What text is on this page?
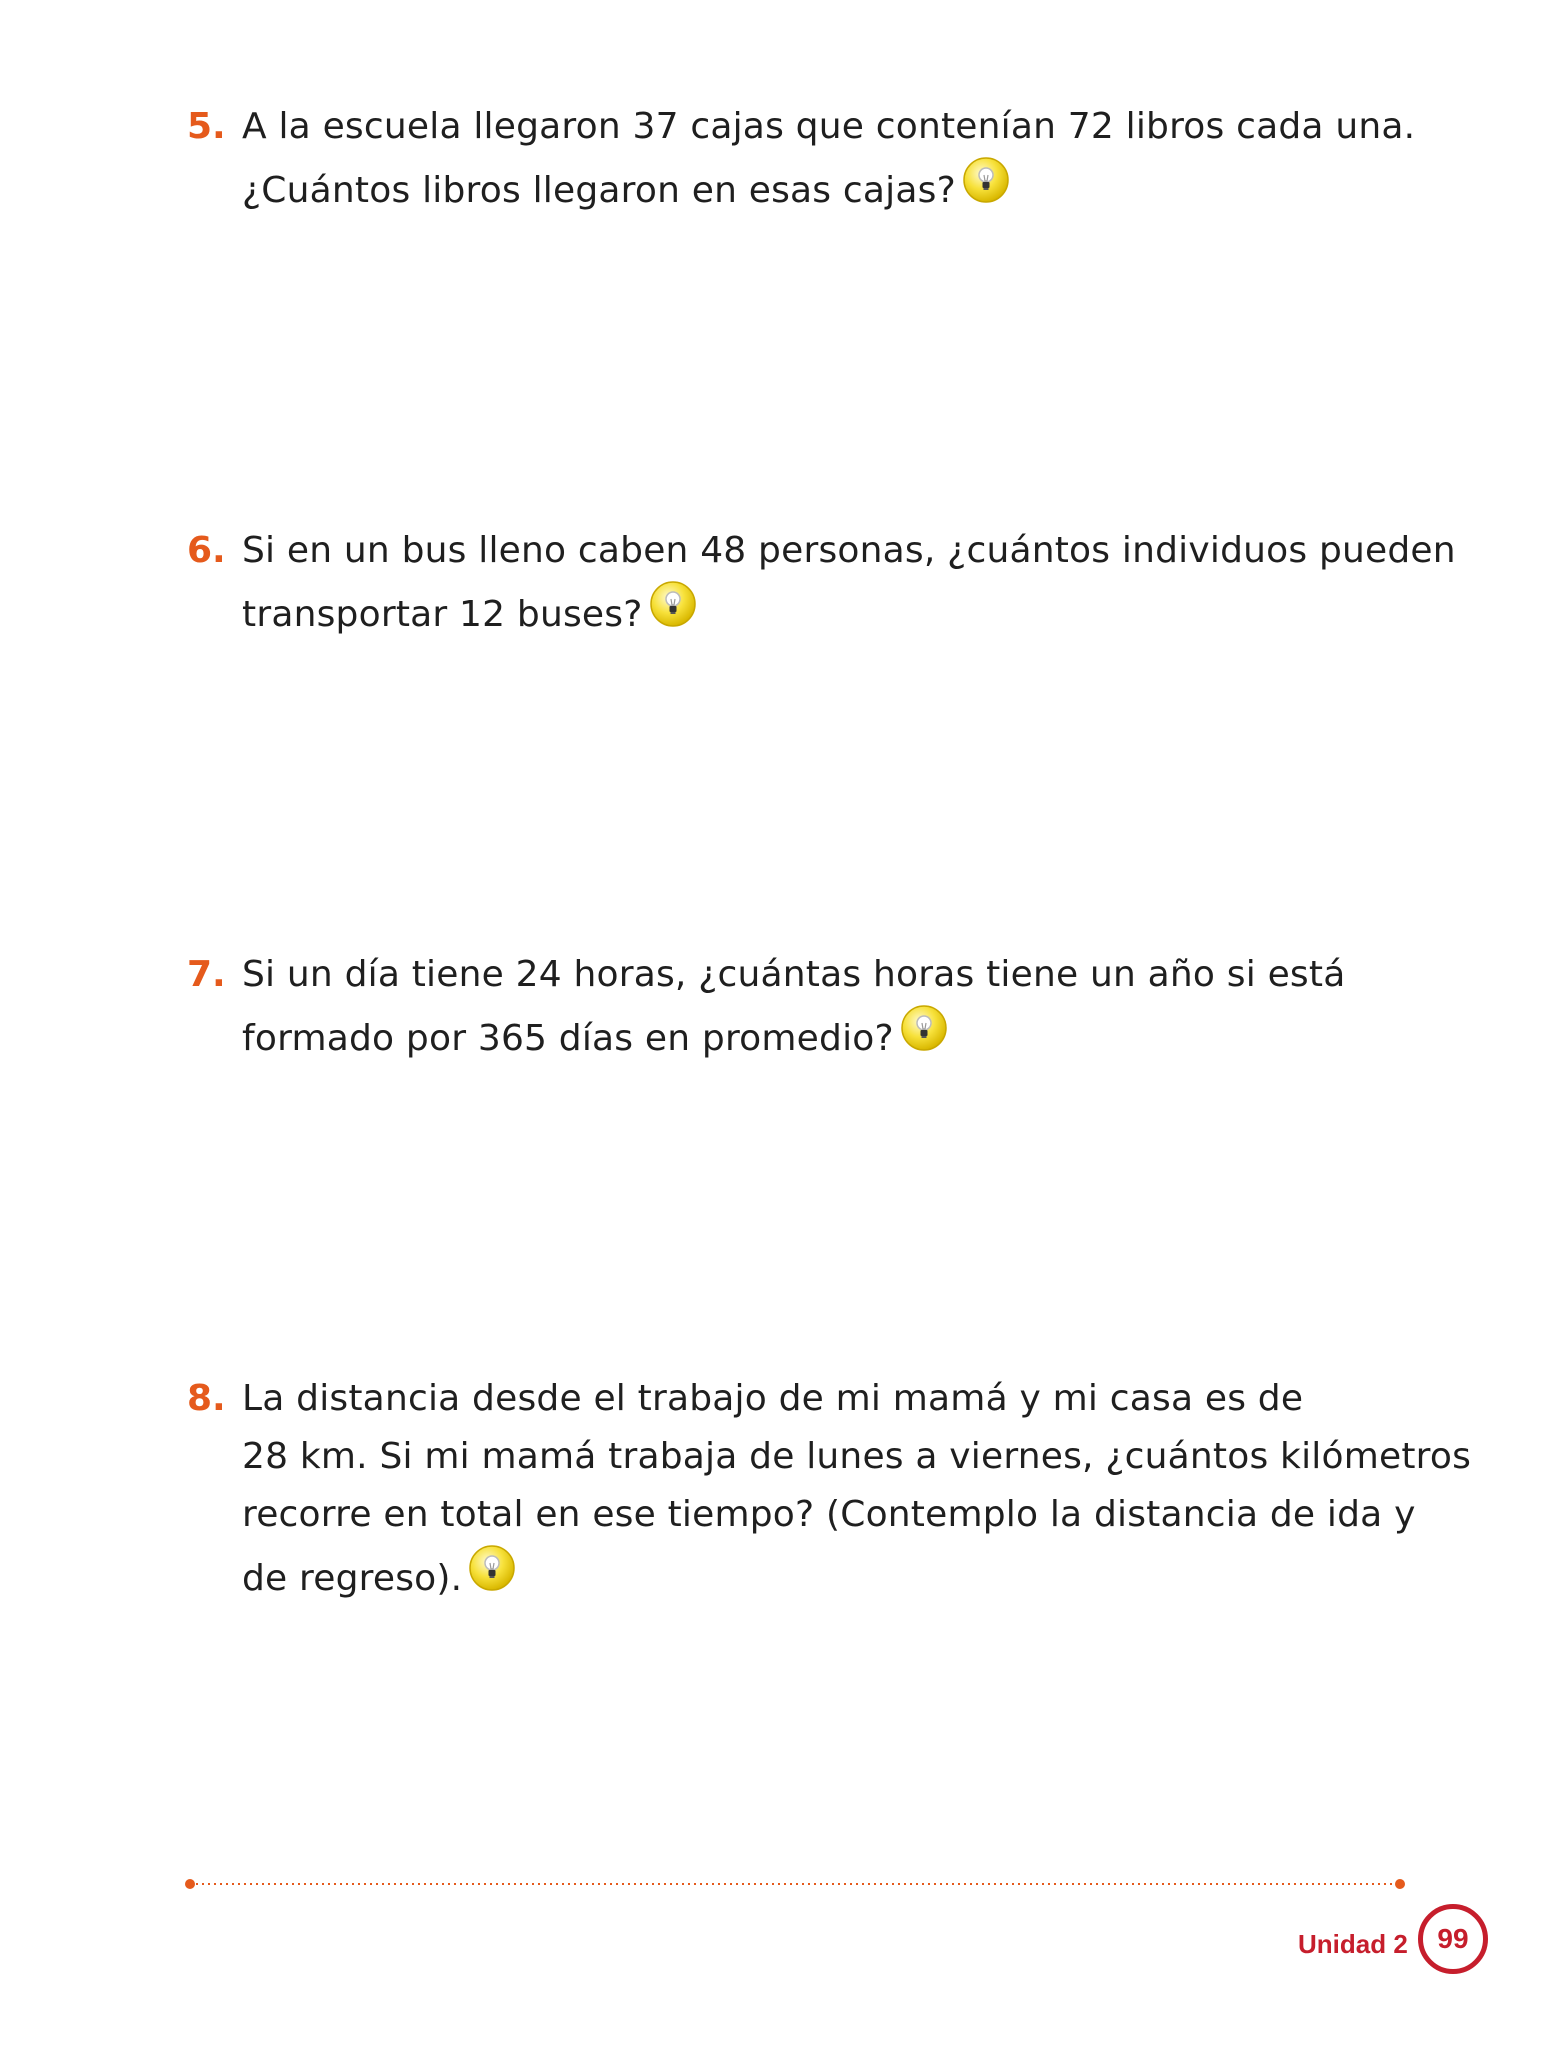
5. A la escuela llegaron 37 cajas que contenían 72 libros cada una.
¿Cuántos libros llegaron en esas cajas?
6. Si en un bus lleno caben 48 personas, ¿cuántos individuos pueden
transportar 12 buses?
7. Si un día tiene 24 horas, ¿cuántas horas tiene un año si está
formado por 365 días en promedio?
8. La distancia desde el trabajo de mi mamá y mi casa es de
28 km. Si mi mamá trabaja de lunes a viernes, ¿cuántos kilómetros
recorre en total en ese tiempo? (Contemplo la distancia de ida y
de regreso).
Unidad 2 99
